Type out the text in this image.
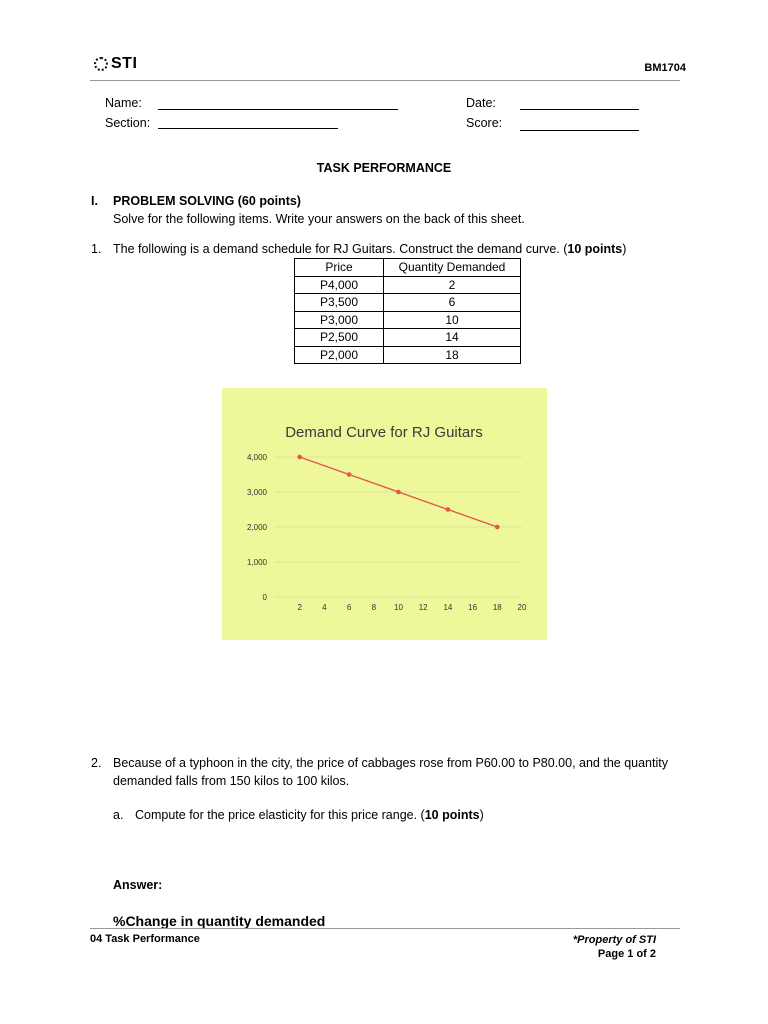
STI	BM1704
Name:
Section:
Date:
Score:
TASK PERFORMANCE
I. PROBLEM SOLVING (60 points)
Solve for the following items. Write your answers on the back of this sheet.
1. The following is a demand schedule for RJ Guitars. Construct the demand curve. (10 points)
Price	Quantity Demanded
P4,000	2
P3,500	6
P3,000	10
P2,500	14
P2,000	18
Demand Curve for RJ Guitars
0
1,000
2,000
3,000
4,000
2	4	6	8 10 12 14 16 18 20
2. Because of a typhoon in the city, the price of cabbages rose from P60.00 to P80.00, and the quantity
demanded falls from 150 kilos to 100 kilos.
a. Compute for the price elasticity for this price range. (10 points)
Answer:
%Change in quantity demanded
04 Task Performance	*Property of STI
Page 1 of 2
